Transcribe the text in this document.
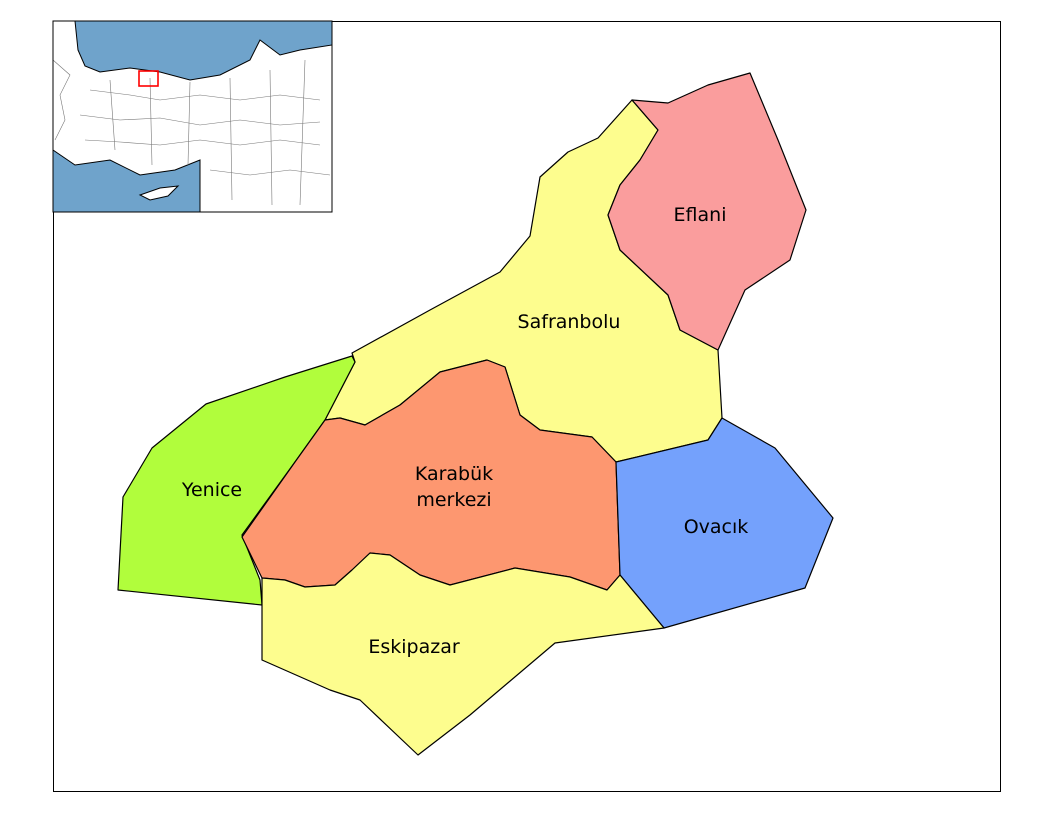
Eflani
Safranbolu
Yenice
Karabük
merkezi
Ovacık
Eskipazar
